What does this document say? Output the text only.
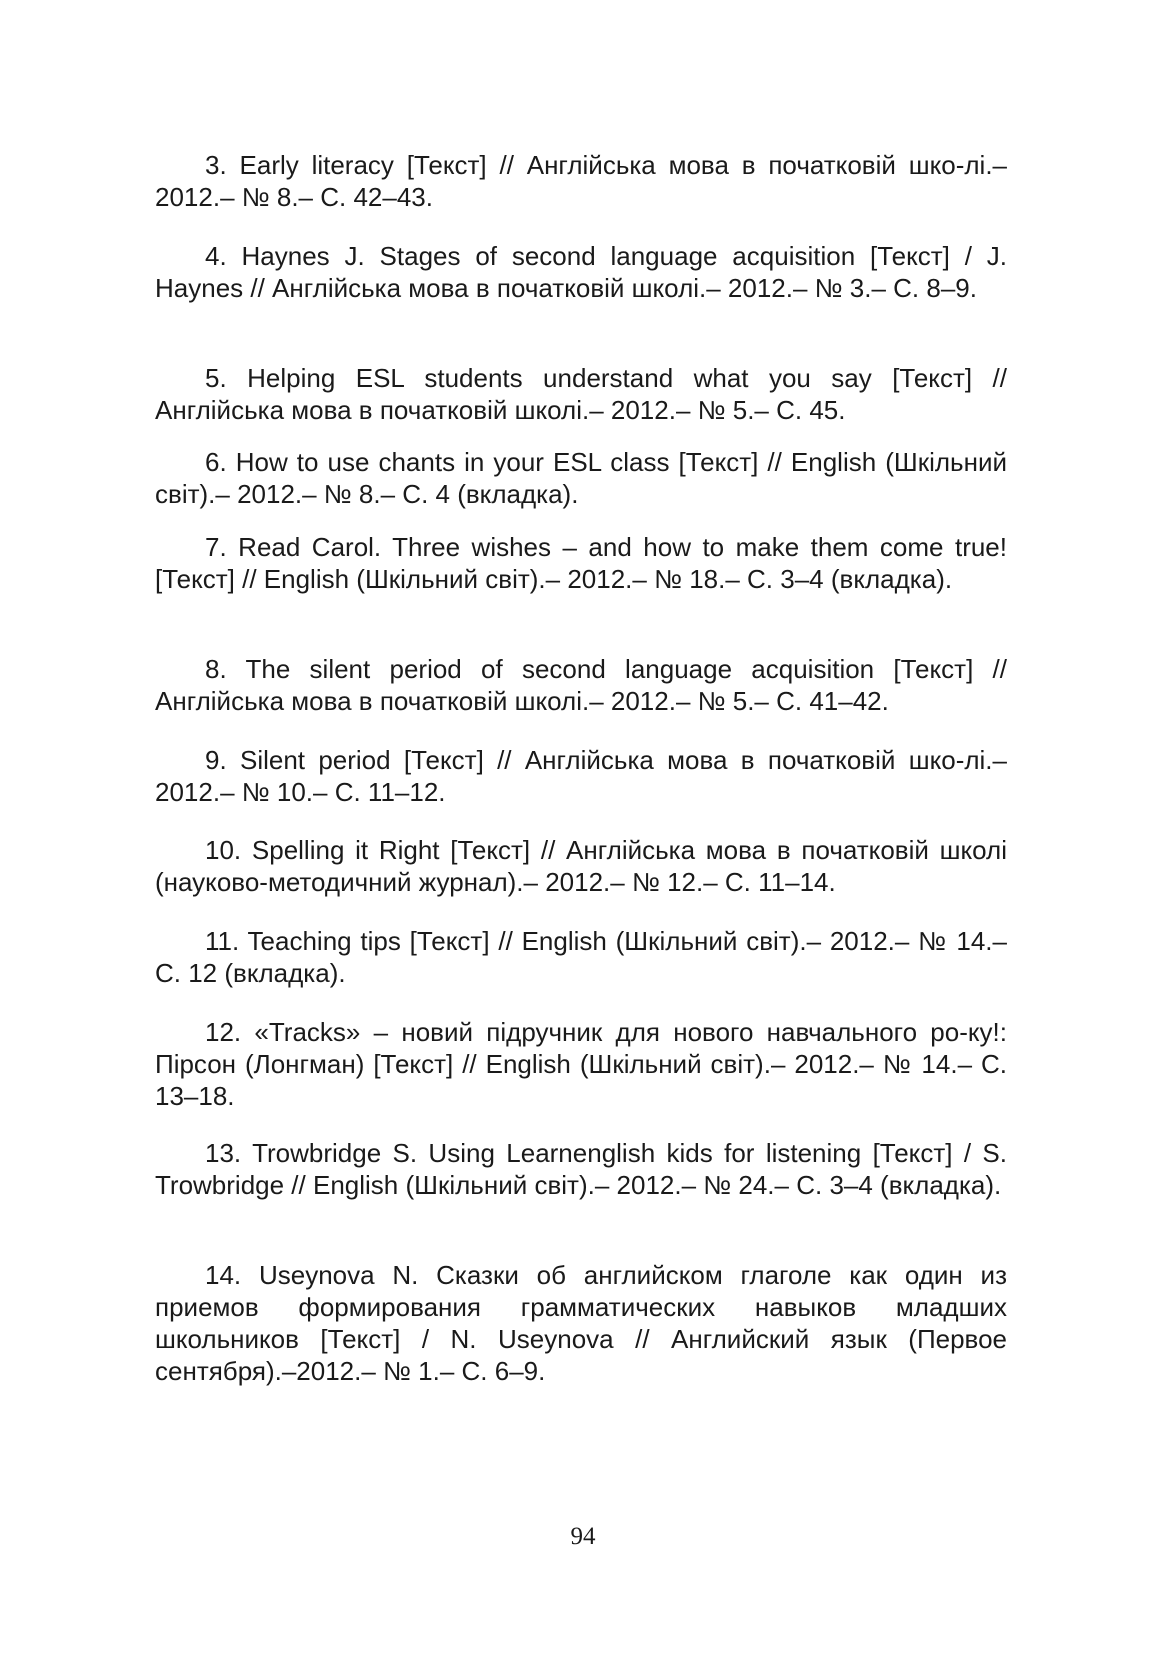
3. Early literacy [Текст] // Англійська мова в початковій шко-лі.– 2012.– № 8.– С. 42–43.

4. Haynes J. Stages of second language acquisition [Текст] / J. Haynes // Англійська мова в початковій школі.– 2012.– № 3.– С. 8–9.

5. Helping ESL students understand what you say [Текст] // Англійська мова в початковій школі.– 2012.– № 5.– С. 45.

6. How to use chants in your ESL class [Текст] // English (Шкільний світ).– 2012.– № 8.– С. 4 (вкладка).

7. Read Carol. Three wishes – and how to make them come true! [Текст] // English (Шкільний світ).– 2012.– № 18.– С. 3–4 (вкладка).

8. The silent period of second language acquisition [Текст] // Англійська мова в початковій школі.– 2012.– № 5.– С. 41–42.

9. Silent period [Текст] // Англійська мова в початковій шко-лі.– 2012.– № 10.– С. 11–12.

10. Spelling it Right [Текст] // Англійська мова в початковій школі (науково-методичний журнал).– 2012.– № 12.– С. 11–14.

11. Teaching tips [Текст] // English (Шкільний світ).– 2012.– № 14.– С. 12 (вкладка).

12. «Tracks» – новий підручник для нового навчального ро-ку!: Пірсон (Лонгман) [Текст] // English (Шкільний світ).– 2012.– № 14.– С. 13–18.

13. Trowbridge S. Using Learnenglish kids for listening [Текст] / S. Trowbridge // English (Шкільний світ).– 2012.– № 24.– С. 3–4 (вкладка).

14. Useynova N. Сказки об английском глаголе как один из приемов формирования грамматических навыков младших школьников [Текст] / N. Useynova // Английский язык (Первое сентября).–2012.– № 1.– С. 6–9.

94
